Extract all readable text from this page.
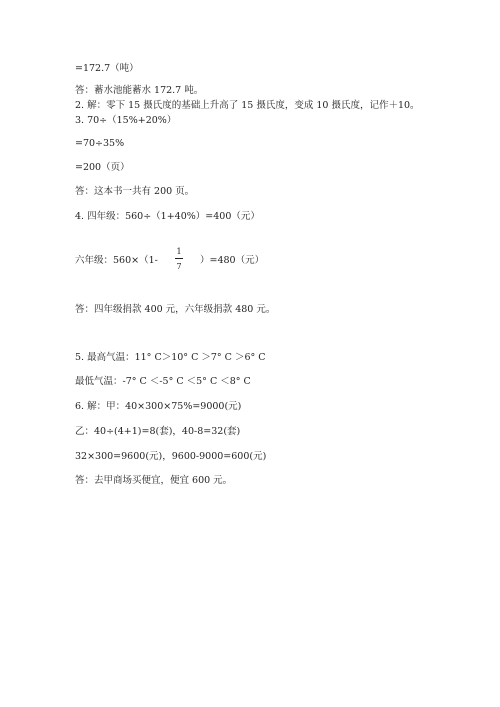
=172.7（吨）
答：蓄水池能蓄水 172.7 吨。
2. 解：零下 15 摄氏度的基础上升高了 15 摄氏度，变成 10 摄氏度，记作＋10。
3. 70÷（15%+20%）
=70÷35%
=200（页）
答：这本书一共有 200 页。
4. 四年级：560÷（1+40%）=400（元）
六年级：560×（1-
1
7
）=480（元）
答：四年级捐款 400 元，六年级捐款 480 元。
5. 最高气温：11° C＞10° C ＞7° C ＞6° C
最低气温：-7° C ＜-5° C ＜5° C ＜8° C
6. 解：甲：40×300×75%=9000(元)
乙：40÷(4+1)=8(套)，40-8=32(套)
32×300=9600(元)，9600-9000=600(元)
答：去甲商场买便宜，便宜 600 元。
